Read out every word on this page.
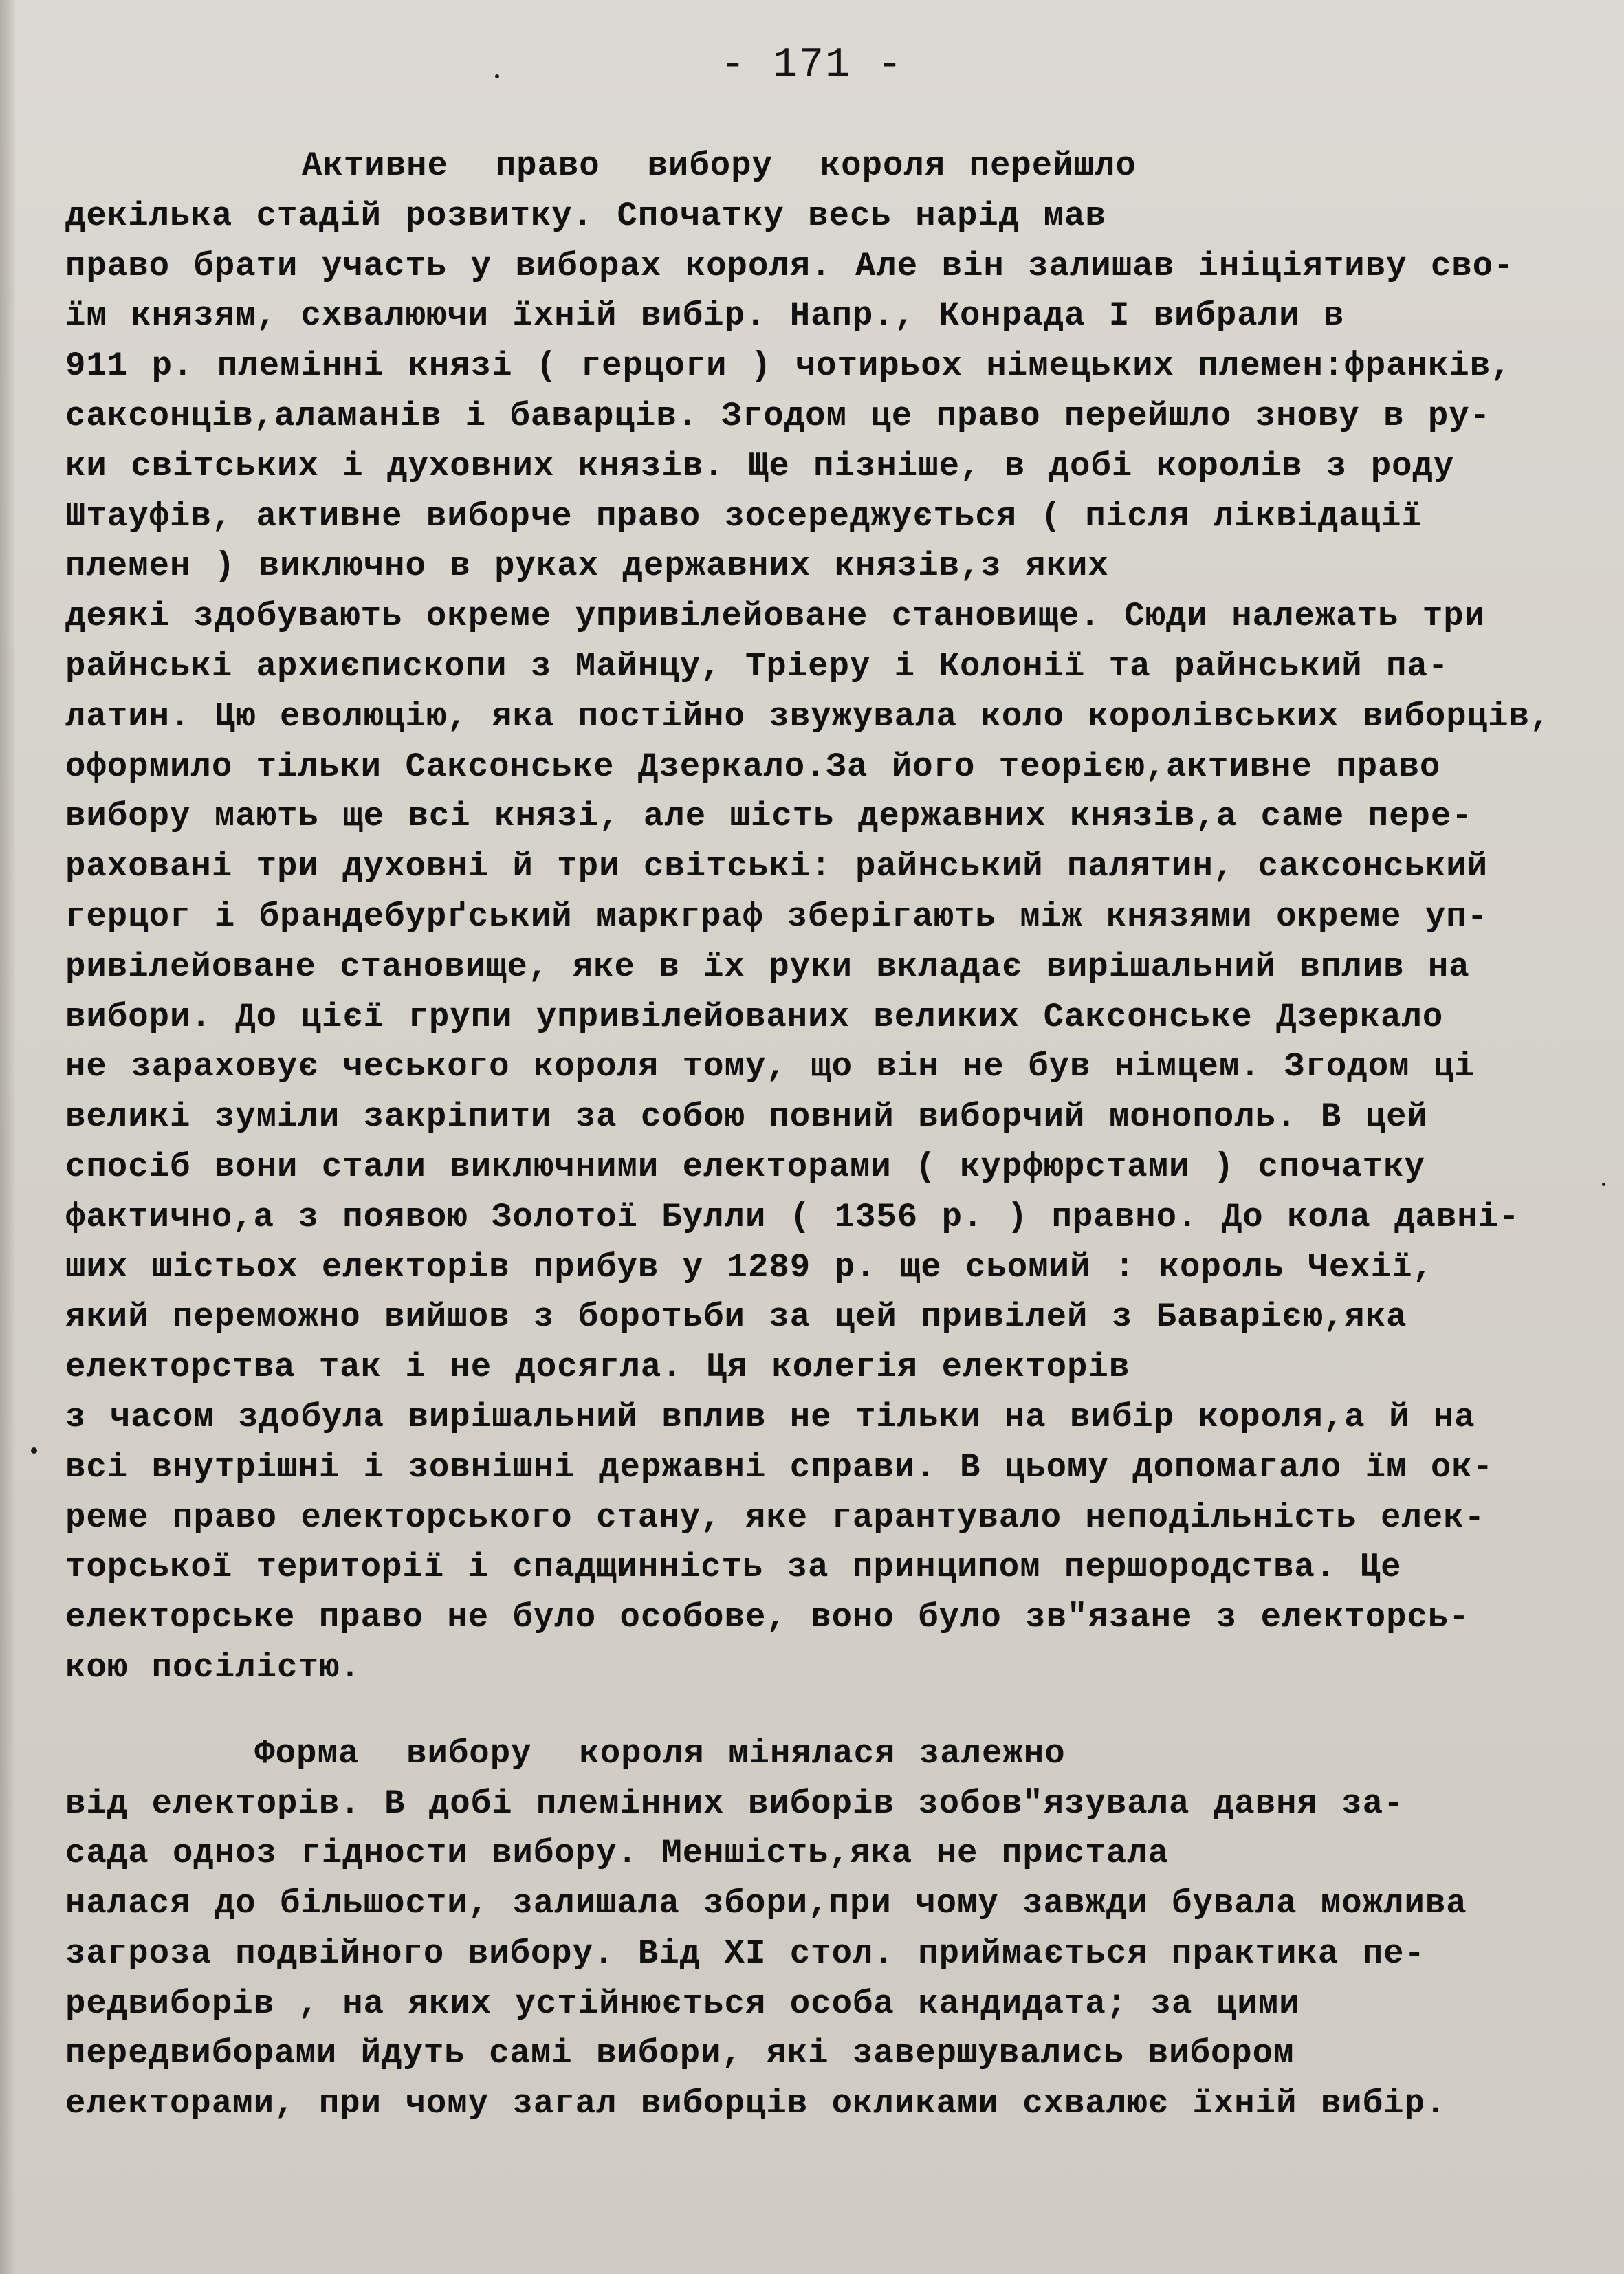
- 171 -
Активне  право  вибору  короля перейшло
декілька стадій розвитку. Спочатку весь нарід мав
право брати участь у виборах короля. Але він залишав ініціятиву сво-
їм князям, схвалюючи їхній вибір. Напр., Конрада I вибрали в
911 р. племінні князі ( герцоги ) чотирьох німецьких племен:франків,
саксонців,аламанів і баварців. Згодом це право перейшло знову в ру-
ки світських і духовних князів. Ще пізніше, в добі королів з роду
Штауфів, активне виборче право зосереджується ( після ліквідації
племен ) виключно в руках державних князів,з яких
деякі здобувають окреме упривілейоване становище. Сюди належать три
райнські архиєпископи з Майнцу, Тріеру і Колонії та райнський па-
латин. Цю еволюцію, яка постійно звужувала коло королівських виборців,
оформило тільки Саксонське Дзеркало.За його теорією,активне право
вибору мають ще всі князі, але шість державних князів,а саме пере-
раховані три духовні й три світські: райнський палятин, саксонський
герцог і брандебурґський маркграф зберігають між князями окреме уп-
ривілейоване становище, яке в їх руки вкладає вирішальний вплив на
вибори. До цієї групи упривілейованих великих Саксонське Дзеркало
не зараховує чеського короля тому, що він не був німцем. Згодом ці
великі зуміли закріпити за собою повний виборчий монополь. В цей
спосіб вони стали виключними електорами ( курфюрстами ) спочатку
фактично,а з появою Золотої Булли ( 1356 р. ) правно. До кола давні-
ших шістьох електорів прибув у 1289 р. ще сьомий : король Чехії,
який переможно вийшов з боротьби за цей привілей з Баварією,яка
електорства так і не досягла. Ця колегія електорів
з часом здобула вирішальний вплив не тільки на вибір короля,а й на
всі внутрішні і зовнішні державні справи. В цьому допомагало їм ок-
реме право електорського стану, яке гарантувало неподільність елек-
торської території і спадщинність за принципом першородства. Це
електорське право не було особове, воно було зв"язане з електорсь-
кою посілістю.
Форма  вибору  короля мінялася залежно
від електорів. В добі племінних виборів зобов"язувала давня за-
сада одноз гідности вибору. Меншість,яка не пристала
налася до більшости, залишала збори,при чому завжди бувала можлива
загроза подвійного вибору. Від XI стол. приймається практика пе-
редвиборів , на яких устійнюється особа кандидата; за цими
передвиборами йдуть самі вибори, які завершувались вибором
електорами, при чому загал виборців окликами схвалює їхній вибір.
